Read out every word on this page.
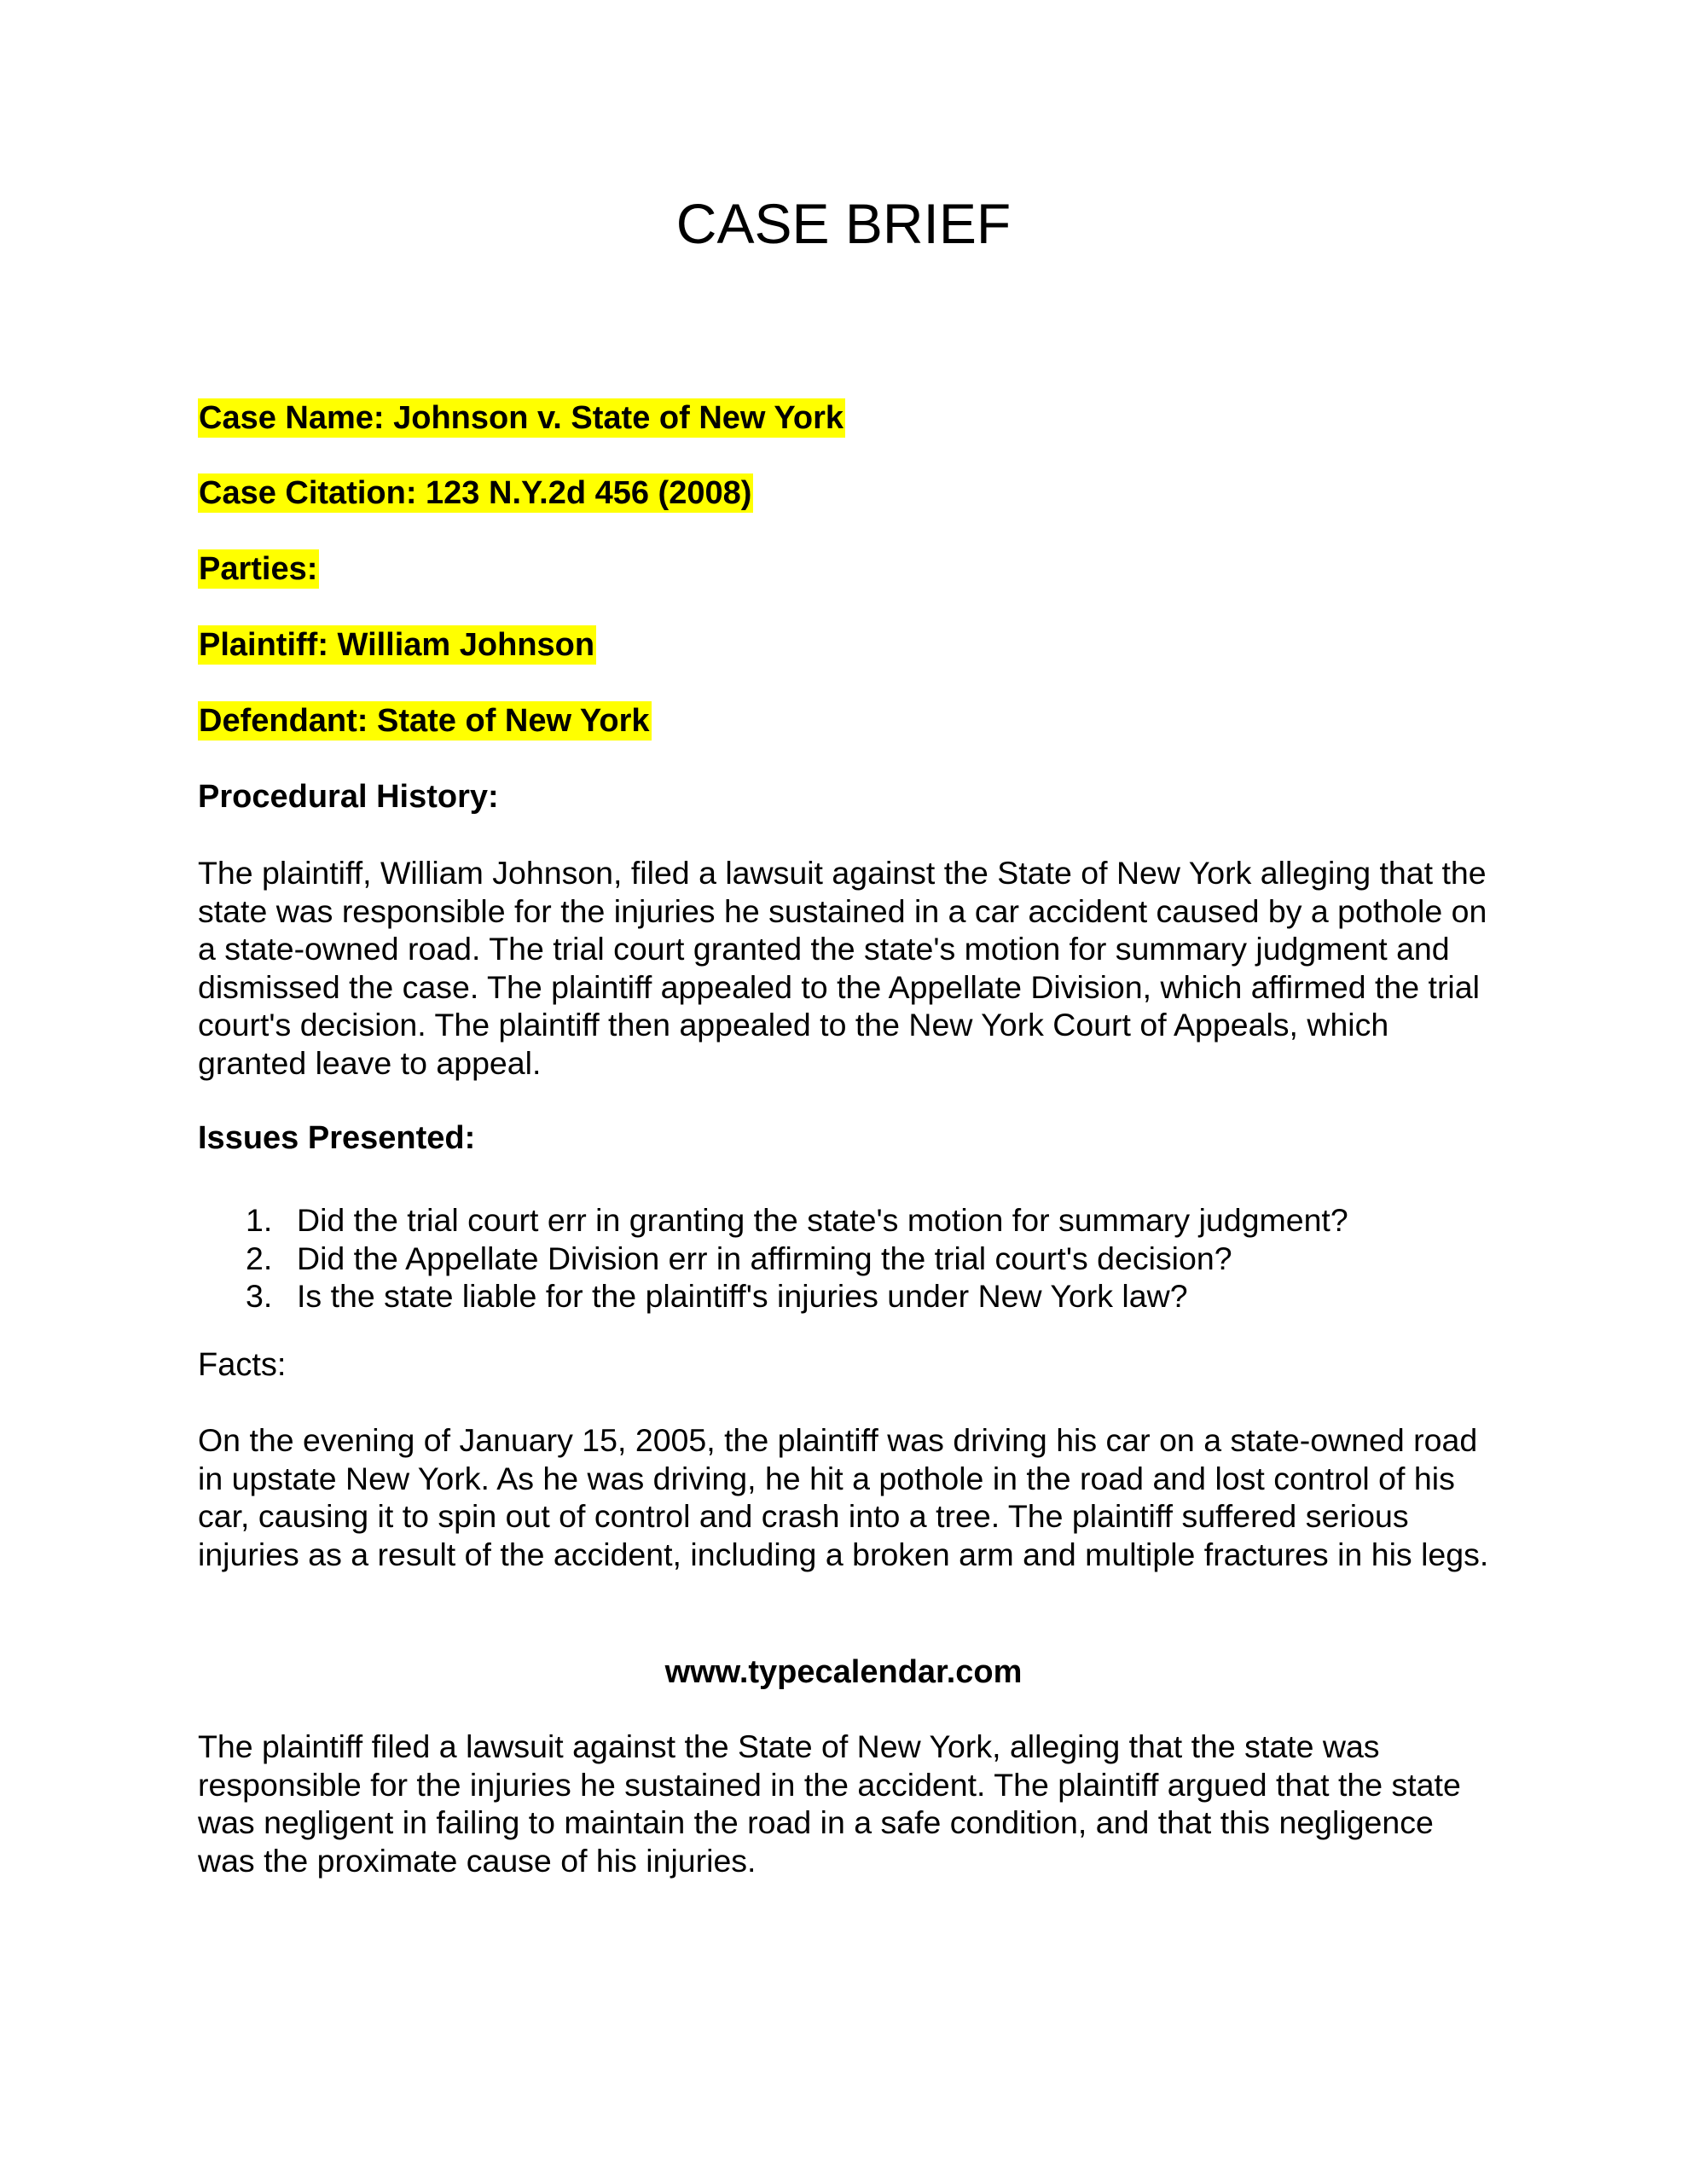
CASE BRIEF
Case Name: Johnson v. State of New York
Case Citation: 123 N.Y.2d 456 (2008)
Parties:
Plaintiff: William Johnson
Defendant: State of New York
Procedural History:

The plaintiff, William Johnson, filed a lawsuit against the State of New York alleging that the state was responsible for the injuries he sustained in a car accident caused by a pothole on a state-owned road. The trial court granted the state's motion for summary judgment and dismissed the case. The plaintiff appealed to the Appellate Division, which affirmed the trial court's decision. The plaintiff then appealed to the New York Court of Appeals, which granted leave to appeal.

Issues Presented:
1. Did the trial court err in granting the state's motion for summary judgment?
2. Did the Appellate Division err in affirming the trial court's decision?
3. Is the state liable for the plaintiff's injuries under New York law?
Facts:

On the evening of January 15, 2005, the plaintiff was driving his car on a state-owned road in upstate New York. As he was driving, he hit a pothole in the road and lost control of his car, causing it to spin out of control and crash into a tree. The plaintiff suffered serious injuries as a result of the accident, including a broken arm and multiple fractures in his legs.

www.typecalendar.com

The plaintiff filed a lawsuit against the State of New York, alleging that the state was responsible for the injuries he sustained in the accident. The plaintiff argued that the state was negligent in failing to maintain the road in a safe condition, and that this negligence was the proximate cause of his injuries.
